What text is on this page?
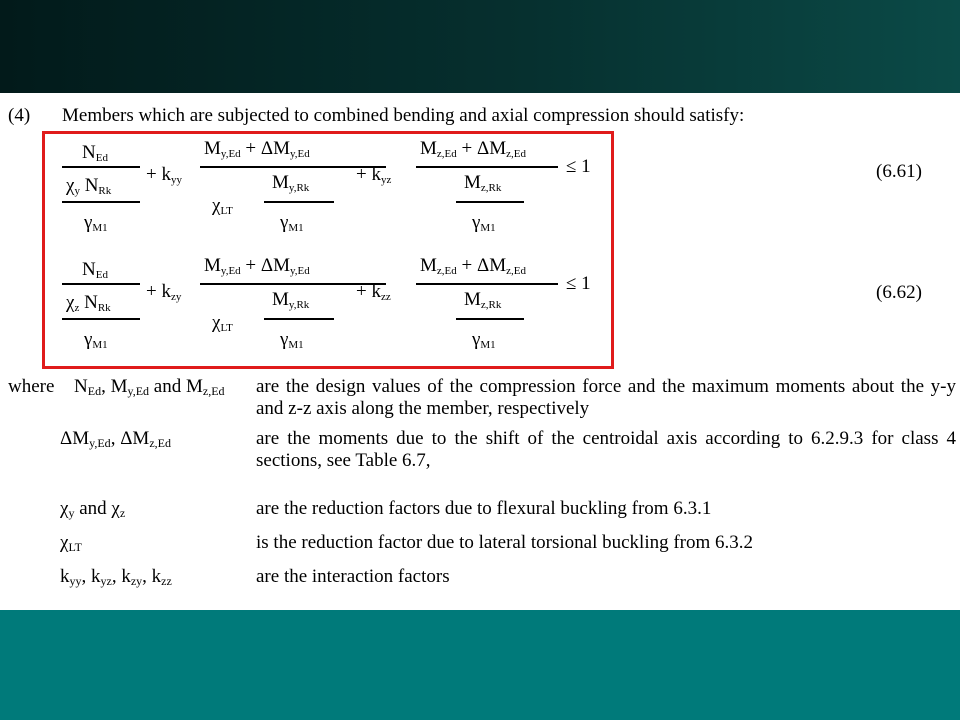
(4) Members which are subjected to combined bending and axial compression should satisfy:
$N_{Ed}$
$\chi_y$ $N_{Rk}$
$\gamma_{M1}$
+ $k_{yy}$
$M_{y,Ed} + \Delta M_{y,Ed}$
$\chi_{LT}$
$M_{y,Rk}$
$\gamma_{M1}$
+ $k_{yz}$
$M_{z,Ed} + \Delta M_{z,Ed}$
$M_{z,Rk}$
$\gamma_{M1}$
≤ 1	(6.61)
$N_{Ed}$
$\chi_z$ $N_{Rk}$
$\gamma_{M1}$
+ $k_{zy}$
$M_{y,Ed} + \Delta M_{y,Ed}$
$\chi_{LT}$
$M_{y,Rk}$
$\gamma_{M1}$
+ $k_{zz}$
$M_{z,Ed} + \Delta M_{z,Ed}$
$M_{z,Rk}$
$\gamma_{M1}$
≤ 1	(6.62)
where $N_{Ed}$, $M_{y,Ed}$ and $M_{z,Ed}$ are the design values of the compression force and the maximum moments about the y-y and z-z axis along the member, respectively
$\Delta M_{y,Ed}$, $\Delta M_{z,Ed}$	are the moments due to the shift of the centroidal axis according to 6.2.9.3 for class 4 sections, see Table 6.7,
$\chi_y$ and $\chi_z$	are the reduction factors due to flexural buckling from 6.3.1
$\chi_{LT}$	is the reduction factor due to lateral torsional buckling from 6.3.2
$k_{yy}$, $k_{yz}$, $k_{zy}$, $k_{zz}$	are the interaction factors
